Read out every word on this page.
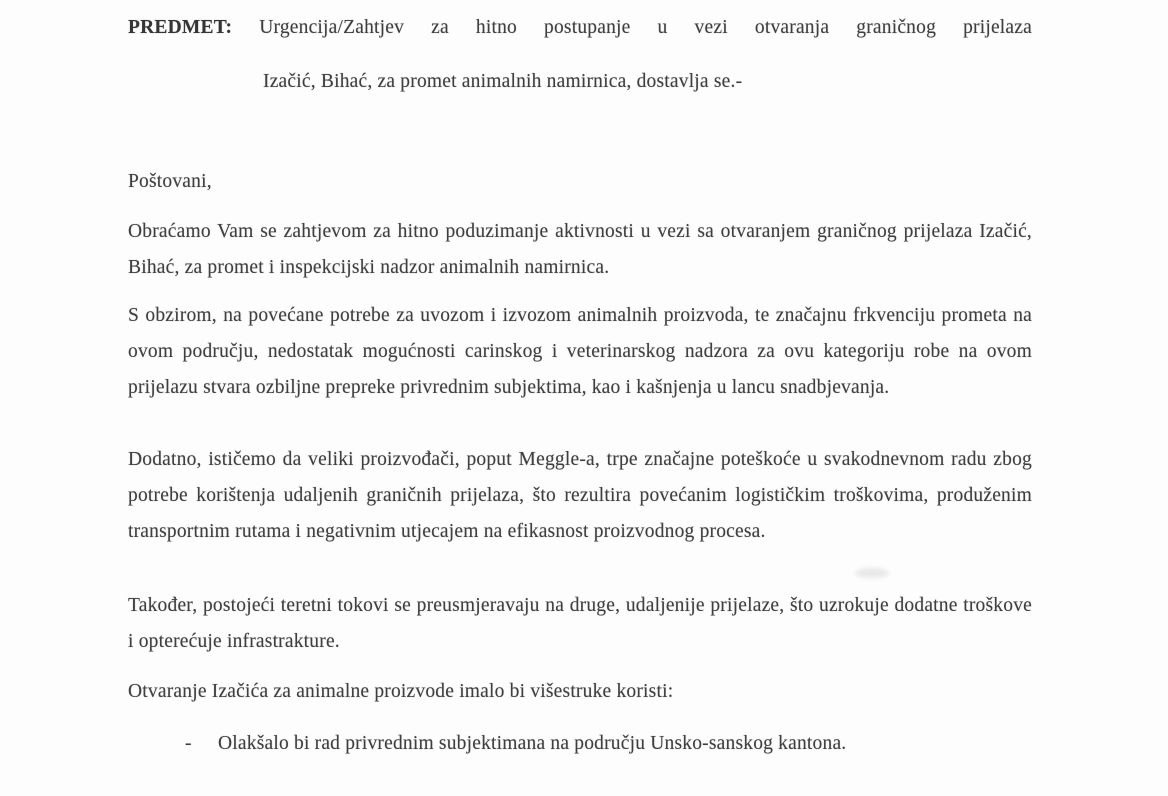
PREDMET: Urgencija/Zahtjev za hitno postupanje u vezi otvaranja graničnog prijelaza
Izačić, Bihać, za promet animalnih namirnica, dostavlja se.-
Poštovani,
Obraćamo Vam se zahtjevom za hitno poduzimanje aktivnosti u vezi sa otvaranjem graničnog prijelaza Izačić, Bihać, za promet i inspekcijski nadzor animalnih namirnica.
S obzirom, na povećane potrebe za uvozom i izvozom animalnih proizvoda, te značajnu frkvenciju prometa na ovom području, nedostatak mogućnosti carinskog i veterinarskog nadzora za ovu kategoriju robe na ovom prijelazu stvara ozbiljne prepreke privrednim subjektima, kao i kašnjenja u lancu snadbjevanja.
Dodatno, ističemo da veliki proizvođači, poput Meggle-a, trpe značajne poteškoće u svakodnevnom radu zbog potrebe korištenja udaljenih graničnih prijelaza, što rezultira povećanim logističkim troškovima, produženim transportnim rutama i negativnim utjecajem na efikasnost proizvodnog procesa.
Također, postojeći teretni tokovi se preusmjeravaju na druge, udaljenije prijelaze, što uzrokuje dodatne troškove i opterećuje infrastrakture.
Otvaranje Izačića za animalne proizvode imalo bi višestruke koristi:
-	Olakšalo bi rad privrednim subjektimana na području Unsko-sanskog kantona.
